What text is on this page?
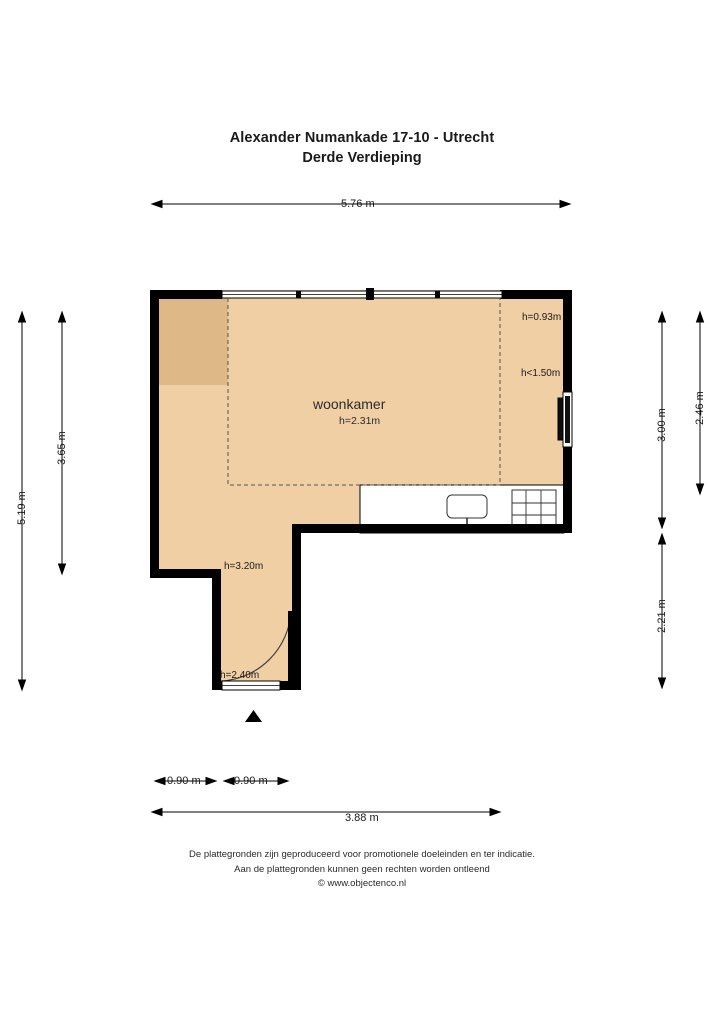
Alexander Numankade 17-10 - Utrecht
Derde Verdieping
woonkamer
h=2.31m
h=0.93m
h<1.50m
h=3.20m
h=2.40m
5.76 m
5.19 m
3.65 m
2.46 m
3.00 m
2.21 m
0.90 m	0.90 m
3.88 m
De plattegronden zijn geproduceerd voor promotionele doeleinden en ter indicatie.
Aan de plattegronden kunnen geen rechten worden ontleend
© www.objectenco.nl
